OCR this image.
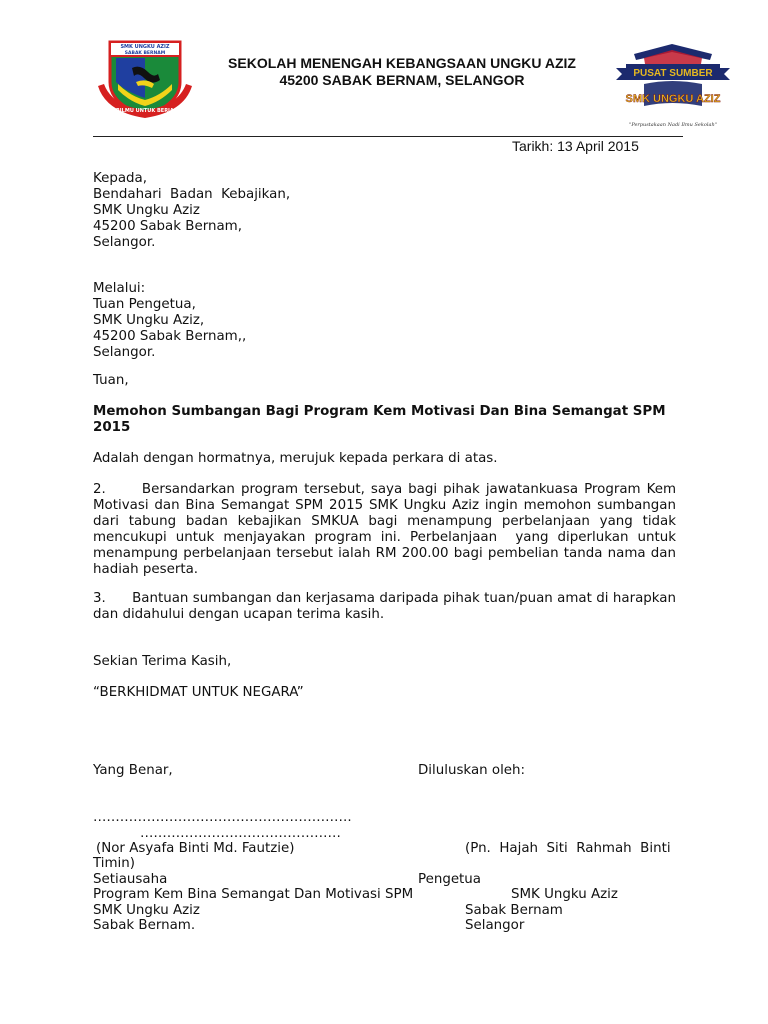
SMK UNGKU AZIZ
SABAK BERNAM
BERILMU UNTUK BERJASA
SEKOLAH MENENGAH KEBANGSAAN UNGKU AZIZ
45200 SABAK BERNAM, SELANGOR	PUSAT SUMBER
SMK UNGKU AZIZ
"Perpustakaan Nadi Ilmu Sekolah"
Tarikh: 13 April 2015
Kepada,
Bendahari  Badan  Kebajikan,
SMK Ungku Aziz
45200 Sabak Bernam,
Selangor.
Melalui:
Tuan Pengetua,
SMK Ungku Aziz,
45200 Sabak Bernam,,
Selangor.
Tuan,
Memohon Sumbangan Bagi Program Kem Motivasi Dan Bina Semangat SPM 2015
Adalah dengan hormatnya, merujuk kepada perkara di atas.
2.      Bersandarkan program tersebut, saya bagi pihak jawatankuasa Program Kem Motivasi dan Bina Semangat SPM 2015 SMK Ungku Aziz ingin memohon sumbangan dari tabung badan kebajikan SMKUA bagi menampung perbelanjaan yang tidak mencukupi untuk menjayakan program ini. Perbelanjaan  yang diperlukan untuk menampung perbelanjaan tersebut ialah RM 200.00 bagi pembelian tanda nama dan hadiah peserta.
3.      Bantuan sumbangan dan kerjasama daripada pihak tuan/puan amat di harapkan dan didahului dengan ucapan terima kasih.
Sekian Terima Kasih,
“BERKHIDMAT UNTUK NEGARA”
Yang Benar,	Diluluskan oleh:
………………………………………………….
………………………………………
(Nor Asyafa Binti Md. Fautzie)	(Pn.  Hajah  Siti  Rahmah  Binti
Timin)
Setiausaha	Pengetua
Program Kem Bina Semangat Dan Motivasi SPM	SMK Ungku Aziz
SMK Ungku Aziz	Sabak Bernam
Sabak Bernam.	Selangor
